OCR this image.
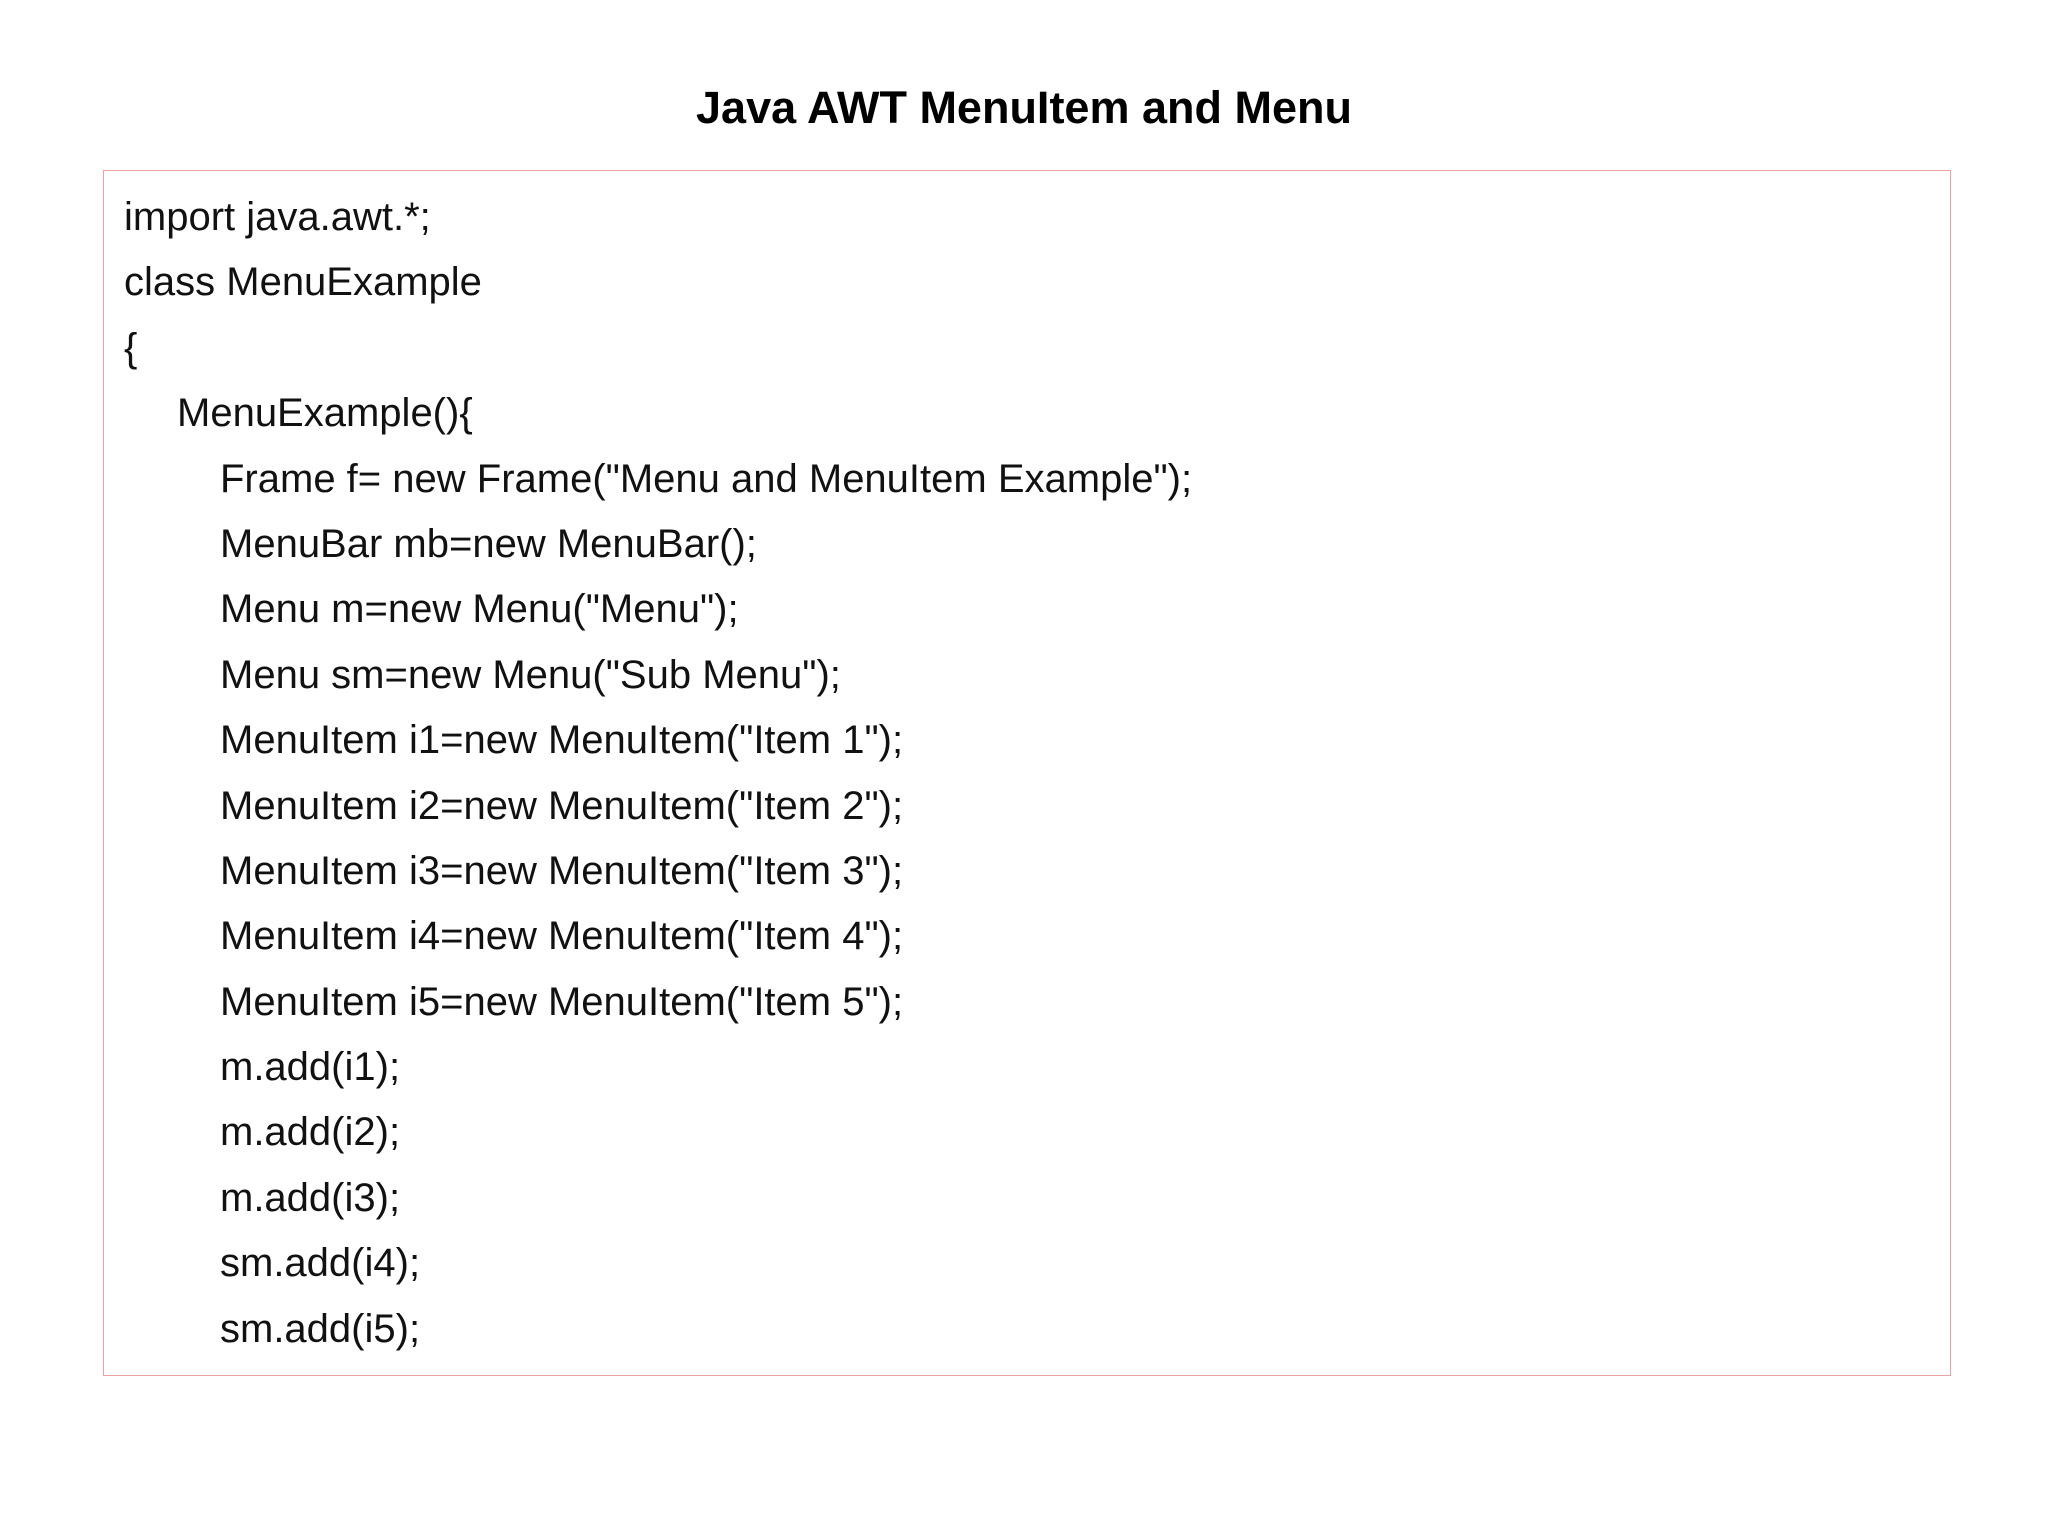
Java AWT MenuItem and Menu
import java.awt.*;
class MenuExample
{
MenuExample(){
Frame f= new Frame("Menu and MenuItem Example");
MenuBar mb=new MenuBar();
Menu m=new Menu("Menu");
Menu sm=new Menu("Sub Menu");
MenuItem i1=new MenuItem("Item 1");
MenuItem i2=new MenuItem("Item 2");
MenuItem i3=new MenuItem("Item 3");
MenuItem i4=new MenuItem("Item 4");
MenuItem i5=new MenuItem("Item 5");
m.add(i1);
m.add(i2);
m.add(i3);
sm.add(i4);
sm.add(i5);
